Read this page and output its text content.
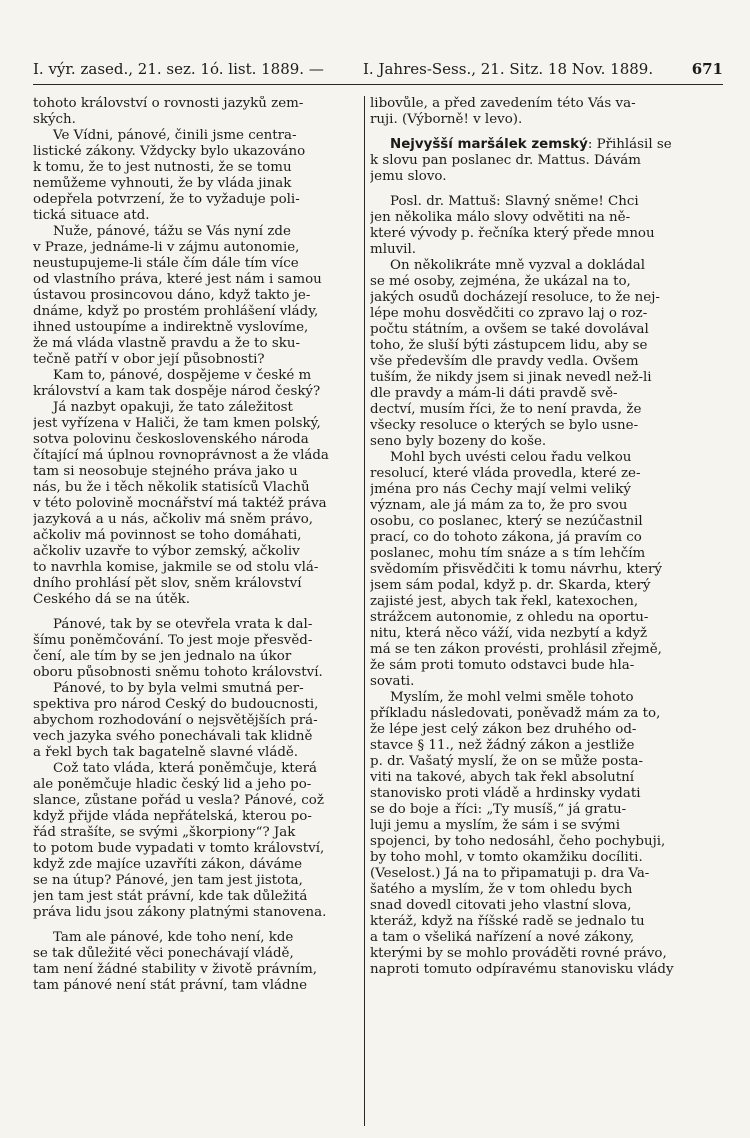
I. výr. zased., 21. sez. 1ó. list. 1889. —	I. Jahres-Sess., 21. Sitz. 18 Nov. 1889.	671
tohoto království o rovnosti jazyků zem-
ských.
Ve Vídni, pánové, činili jsme centra-
listické zákony. Vždycky bylo ukazováno
k tomu, že to jest nutnosti, že se tomu
nemůžeme vyhnouti, že by vláda jinak
odepřela potvrzení, že to vyžaduje poli-
tická situace atd.
Nuže, pánové, tážu se Vás nyní zde
v Praze, jednáme-li v zájmu autonomie,
neustupujeme-li stále čím dále tím více
od vlastního práva, které jest nám i samou
ústavou prosincovou dáno, když takto je-
dnáme, když po prostém prohlášení vlády,
ihned ustoupíme a indirektně vyslovíme,
že má vláda vlastně pravdu a že to sku-
tečně patří v obor její působnosti?
Kam to, pánové, dospějeme v české m
království a kam tak dospěje národ český?
Já nazbyt opakuji, že tato záležitost
jest vyřízena v Haliči, že tam kmen polský,
sotva polovinu československého národa
čítající má úplnou rovnoprávnost a že vláda
tam si neosobuje stejného práva jako u
nás, bu že i těch několik statisíců Vlachů
v této polovině mocnářství má taktéž práva
jazyková a u nás, ačkoliv má sněm právo,
ačkoliv má povinnost se toho domáhati,
ačkoliv uzavře to výbor zemský, ačkoliv
to navrhla komise, jakmile se od stolu vlá-
dního prohlásí pět slov, sněm království
Českého dá se na útěk.
Pánové, tak by se otevřela vrata k dal-
šímu poněmčování. To jest moje přesvěd-
čení, ale tím by se jen jednalo na úkor
oboru působnosti sněmu tohoto království.
Pánové, to by byla velmi smutná per-
spektiva pro národ Český do budoucnosti,
abychom rozhodování o nejsvětějších prá-
vech jazyka svého ponechávali tak klidně
a řekl bych tak bagatelně slavné vládě.
Což tato vláda, která poněmčuje, která
ale poněmčuje hladic český lid a jeho po-
slance, zůstane pořád u vesla? Pánové, což
když přijde vláda nepřátelská, kterou po-
řád strašíte, se svými „škorpiony“? Jak
to potom bude vypadati v tomto království,
když zde majíce uzavříti zákon, dáváme
se na útup? Pánové, jen tam jest jistota,
jen tam jest stát právní, kde tak důležitá
práva lidu jsou zákony platnými stanovena.
Tam ale pánové, kde toho není, kde
se tak důležité věci ponechávají vládě,
tam není žádné stability v životě právním,
tam pánové není stát právní, tam vládne
libovůle, a před zavedením této Vás va-
ruji. (Výborně! v levo).
Nejvyšší maršálek zemský: Přihlásil se
k slovu pan poslanec dr. Mattus. Dávám
jemu slovo.
Posl. dr. Mattuš: Slavný sněme! Chci
jen několika málo slovy odvětiti na ně-
které vývody p. řečníka který přede mnou
mluvil.
On několikráte mně vyzval a dokládal
se mé osoby, zejména, že ukázal na to,
jakých osudů docházejí resoluce, to že nej-
lépe mohu dosvědčiti co zpravo laj o roz-
počtu státním, a ovšem se také dovolával
toho, že sluší býti zástupcem lidu, aby se
vše především dle pravdy vedla. Ovšem
tuším, že nikdy jsem si jinak nevedl než-li
dle pravdy a mám-li dáti pravdě svě-
dectví, musím říci, že to není pravda, že
všecky resoluce o kterých se bylo usne-
seno byly bozeny do koše.
Mohl bych uvésti celou řadu velkou
resolucí, které vláda provedla, které ze-
jména pro nás Čechy mají velmi veliký
význam, ale já mám za to, že pro svou
osobu, co poslanec, který se nezúčastnil
prací, co do tohoto zákona, já pravím co
poslanec, mohu tím snáze a s tím lehčím
svědomím přisvědčiti k tomu návrhu, který
jsem sám podal, když p. dr. Škarda, který
zajisté jest, abych tak řekl, katexochen,
strážcem autonomie, z ohledu na oportu-
nitu, která něco váží, vida nezbytí a když
má se ten zákon provésti, prohlásil zřejmě,
že sám proti tomuto odstavci bude hla-
sovati.
Myslím, že mohl velmi směle tohoto
příkladu následovati, poněvadž mám za to,
že lépe jest celý zákon bez druhého od-
stavce § 11., než žádný zákon a jestliže
p. dr. Vašatý myslí, že on se může posta-
viti na takové, abych tak řekl absolutní
stanovisko proti vládě a hrdinsky vydati
se do boje a říci: „Ty musíš,“ já gratu-
luji jemu a myslím, že sám i se svými
spojenci, by toho nedosáhl, čeho pochybuji,
by toho mohl, v tomto okamžiku docíliti.
(Veselost.) Já na to připamatuji p. dra Va-
šatého a myslím, že v tom ohledu bych
snad dovedl citovati jeho vlastní slova,
kteráž, když na říšské radě se jednalo tu
a tam o všeliká nařízení a nové zákony,
kterými by se mohlo prováděti rovné právo,
naproti tomuto odpíravému stanovisku vlády
